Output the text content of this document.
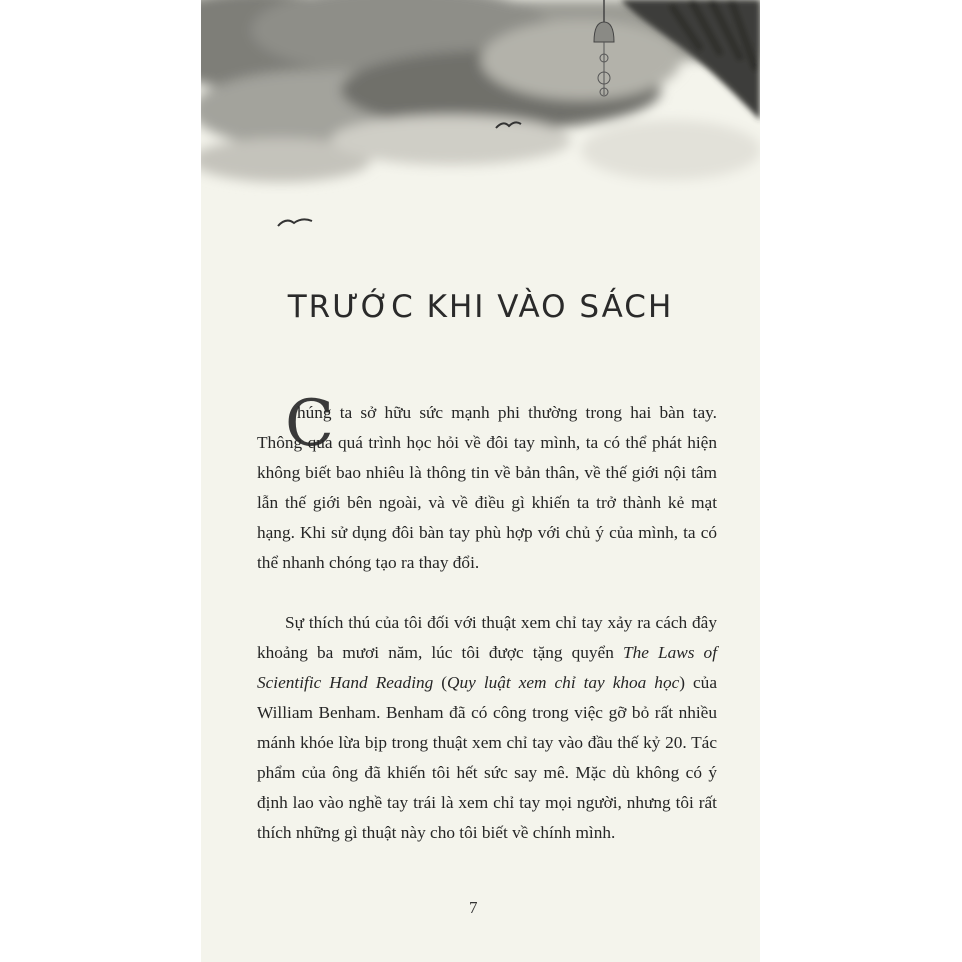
TRƯỚC KHI VÀO SÁCH
C

húng ta sở hữu sức mạnh phi thường trong hai bàn tay. Thông qua quá trình học hỏi về đôi tay mình, ta có thể phát hiện không biết bao nhiêu là thông tin về bản thân, về thế giới nội tâm lẫn thế giới bên ngoài, và về điều gì khiến ta trở thành kẻ mạt hạng. Khi sử dụng đôi bàn tay phù hợp với chủ ý của mình, ta có thể nhanh chóng tạo ra thay đổi.

Sự thích thú của tôi đối với thuật xem chỉ tay xảy ra cách đây khoảng ba mươi năm, lúc tôi được tặng quyển The Laws of Scientific Hand Reading (Quy luật xem chỉ tay khoa học) của William Benham. Benham đã có công trong việc gỡ bỏ rất nhiều mánh khóe lừa bịp trong thuật xem chỉ tay vào đầu thế kỷ 20. Tác phẩm của ông đã khiến tôi hết sức say mê. Mặc dù không có ý định lao vào nghề tay trái là xem chỉ tay mọi người, nhưng tôi rất thích những gì thuật này cho tôi biết về chính mình.

7
